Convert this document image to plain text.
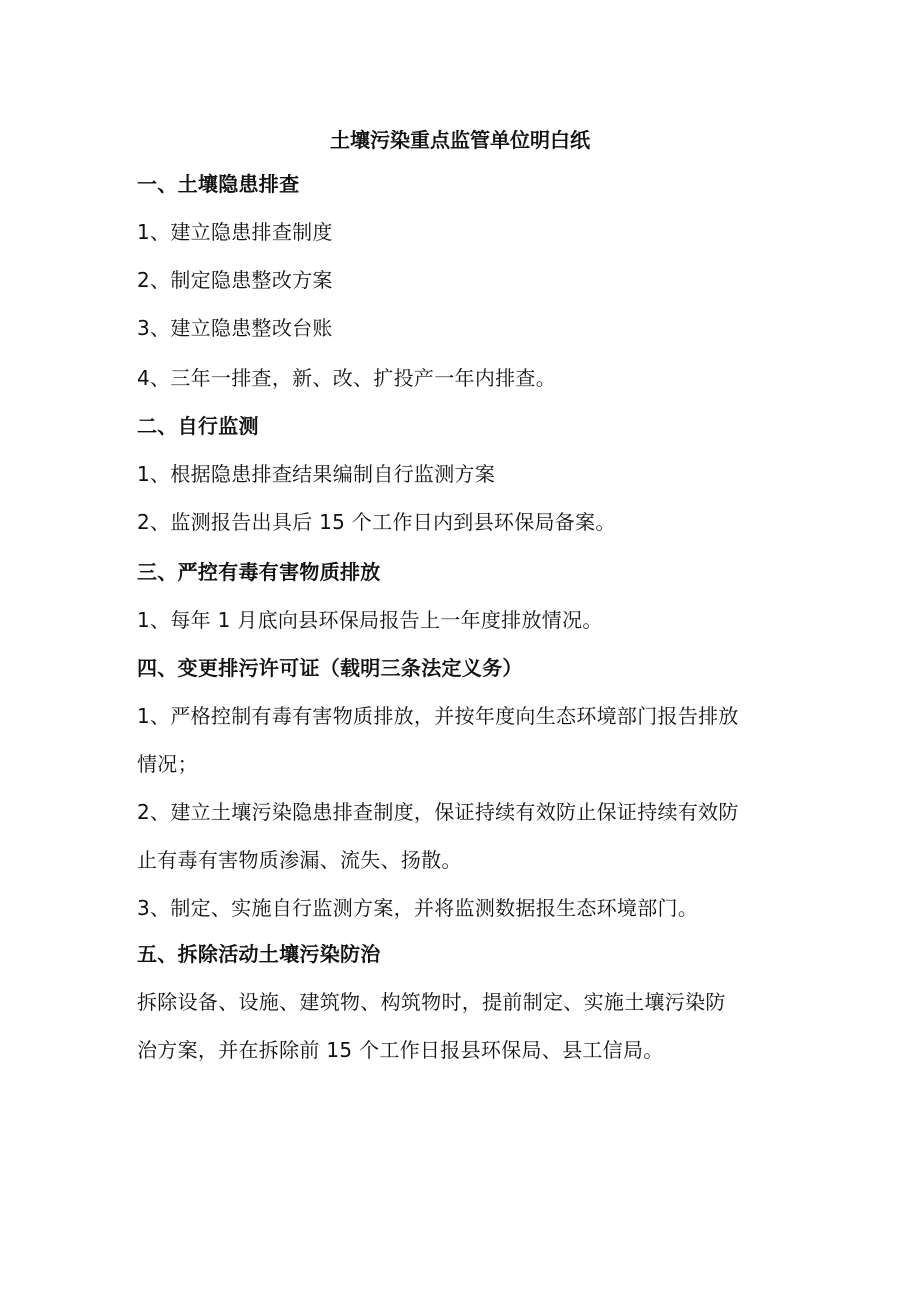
土壤污染重点监管单位明白纸
一、土壤隐患排查
1、建立隐患排查制度
2、制定隐患整改方案
3、建立隐患整改台账
4、三年一排查，新、改、扩投产一年内排查。
二、自行监测
1、根据隐患排查结果编制自行监测方案
2、监测报告出具后 15 个工作日内到县环保局备案。
三、严控有毒有害物质排放
1、每年 1 月底向县环保局报告上一年度排放情况。
四、变更排污许可证（载明三条法定义务）
1、严格控制有毒有害物质排放，并按年度向生态环境部门报告排放
情况；
2、建立土壤污染隐患排查制度，保证持续有效防止保证持续有效防
止有毒有害物质渗漏、流失、扬散。
3、制定、实施自行监测方案，并将监测数据报生态环境部门。
五、拆除活动土壤污染防治
拆除设备、设施、建筑物、构筑物时，提前制定、实施土壤污染防
治方案，并在拆除前 15 个工作日报县环保局、县工信局。
